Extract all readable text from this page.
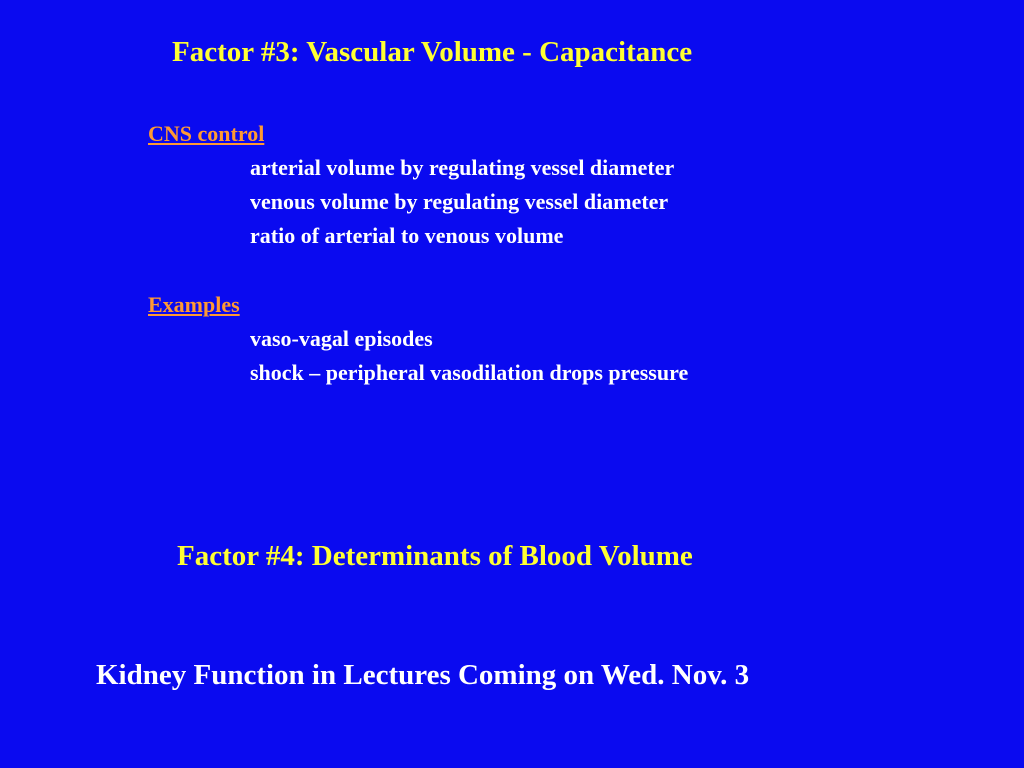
Factor #3: Vascular Volume - Capacitance
CNS control
arterial volume by regulating vessel diameter
venous volume by regulating vessel diameter
ratio of arterial to venous volume
Examples
vaso-vagal episodes
shock – peripheral vasodilation drops pressure
Factor #4: Determinants of Blood Volume
Kidney Function in Lectures Coming on Wed. Nov. 3
